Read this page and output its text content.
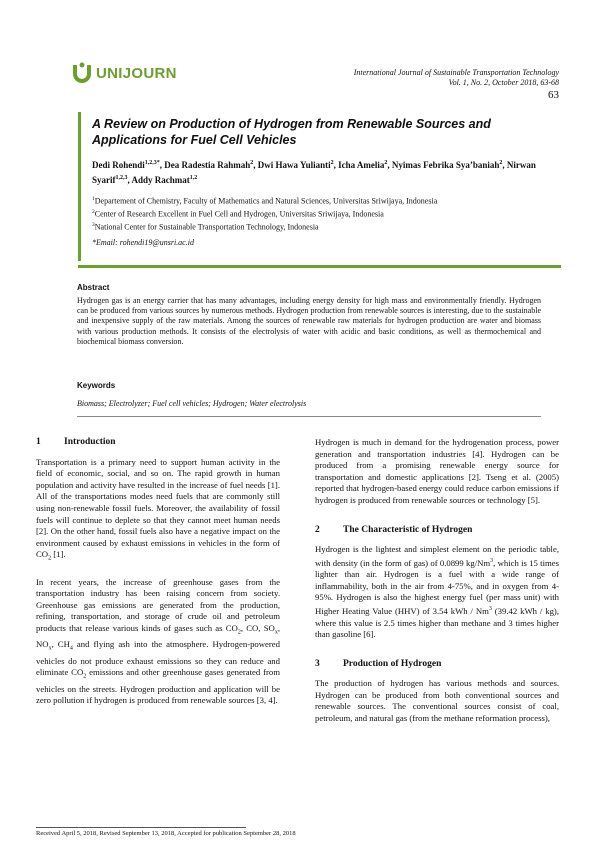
UNIJOURN	International Journal of Sustainable Transportation Technology
Vol. 1, No. 2, October 2018, 63-68
63
A Review on Production of Hydrogen from Renewable Sources and Applications for Fuel Cell Vehicles
Dedi Rohendi$^{1,2,3*}$, Dea Radestia Rahmah$^2$, Dwi Hawa Yulianti$^2$, Icha Amelia$^2$, Nyimas Febrika Sya’baniah$^2$, Nirwan Syarif$^{1,2,3}$, Addy Rachmat$^{1,2}$
$^1$Departement of Chemistry, Faculty of Mathematics and Natural Sciences, Universitas Sriwijaya, Indonesia
$^2$Center of Research Excellent in Fuel Cell and Hydrogen, Universitas Sriwijaya, Indonesia
$^3$National Center for Sustainable Transportation Technology, Indonesia
*Email: rohendi19@unsri.ac.id
Abstract
Hydrogen gas is an energy carrier that has many advantages, including energy density for high mass and environmentally friendly. Hydrogen can be produced from various sources by numerous methods. Hydrogen production from renewable sources is interesting, due to the sustainable and inexpensive supply of the raw materials. Among the sources of renewable raw materials for hydrogen production are water and biomass with various production methods. It consists of the electrolysis of water with acidic and basic conditions, as well as thermochemical and biochemical biomass conversion.
Keywords
Biomass; Electrolyzer; Fuel cell vehicles; Hydrogen; Water electrolysis
1	Introduction

Transportation is a primary need to support human activity in the field of economic, social, and so on. The rapid growth in human population and activity have resulted in the increase of fuel needs [1]. All of the transportations modes need fuels that are commonly still using non-renewable fossil fuels. Moreover, the availability of fossil fuels will continue to deplete so that they cannot meet human needs [2]. On the other hand, fossil fuels also have a negative impact on the environment caused by exhaust emissions in vehicles in the form of $CO_2$ [1].

In recent years, the increase of greenhouse gases from the transportation industry has been raising concern from society. Greenhouse gas emissions are generated from the production, refining, transportation, and storage of crude oil and petroleum products that release various kinds of gases such as $CO_2$, CO, $SO_x$, $NO_x$, $CH_4$ and flying ash into the atmosphere. Hydrogen-powered vehicles do not produce exhaust emissions so they can reduce and eliminate $CO_2$ emissions and other greenhouse gases generated from vehicles on the streets. Hydrogen production and application will be zero pollution if hydrogen is produced from renewable sources [3, 4].

Hydrogen is much in demand for the hydrogenation process, power generation and transportation industries [4]. Hydrogen can be produced from a promising renewable energy source for transportation and domestic applications [2]. Tseng et al. (2005) reported that hydrogen-based energy could reduce carbon emissions if hydrogen is produced from renewable sources or technology [5].

2	The Characteristic of Hydrogen

Hydrogen is the lightest and simplest element on the periodic table, with density (in the form of gas) of 0.0899 kg/Nm$^3$, which is 15 times lighter than air. Hydrogen is a fuel with a wide range of inflammability, both in the air from 4-75%, and in oxygen from 4-95%. Hydrogen is also the highest energy fuel (per mass unit) with Higher Heating Value (HHV) of 3.54 kWh / Nm$^3$ (39.42 kWh / kg), where this value is 2.5 times higher than methane and 3 times higher than gasoline [6].

3	Production of Hydrogen

The production of hydrogen has various methods and sources. Hydrogen can be produced from both conventional sources and renewable sources. The conventional sources consist of coal, petroleum, and natural gas (from the methane reformation process),

Received April 5, 2018, Revised September 13, 2018, Accepted for publication September 28, 2018
